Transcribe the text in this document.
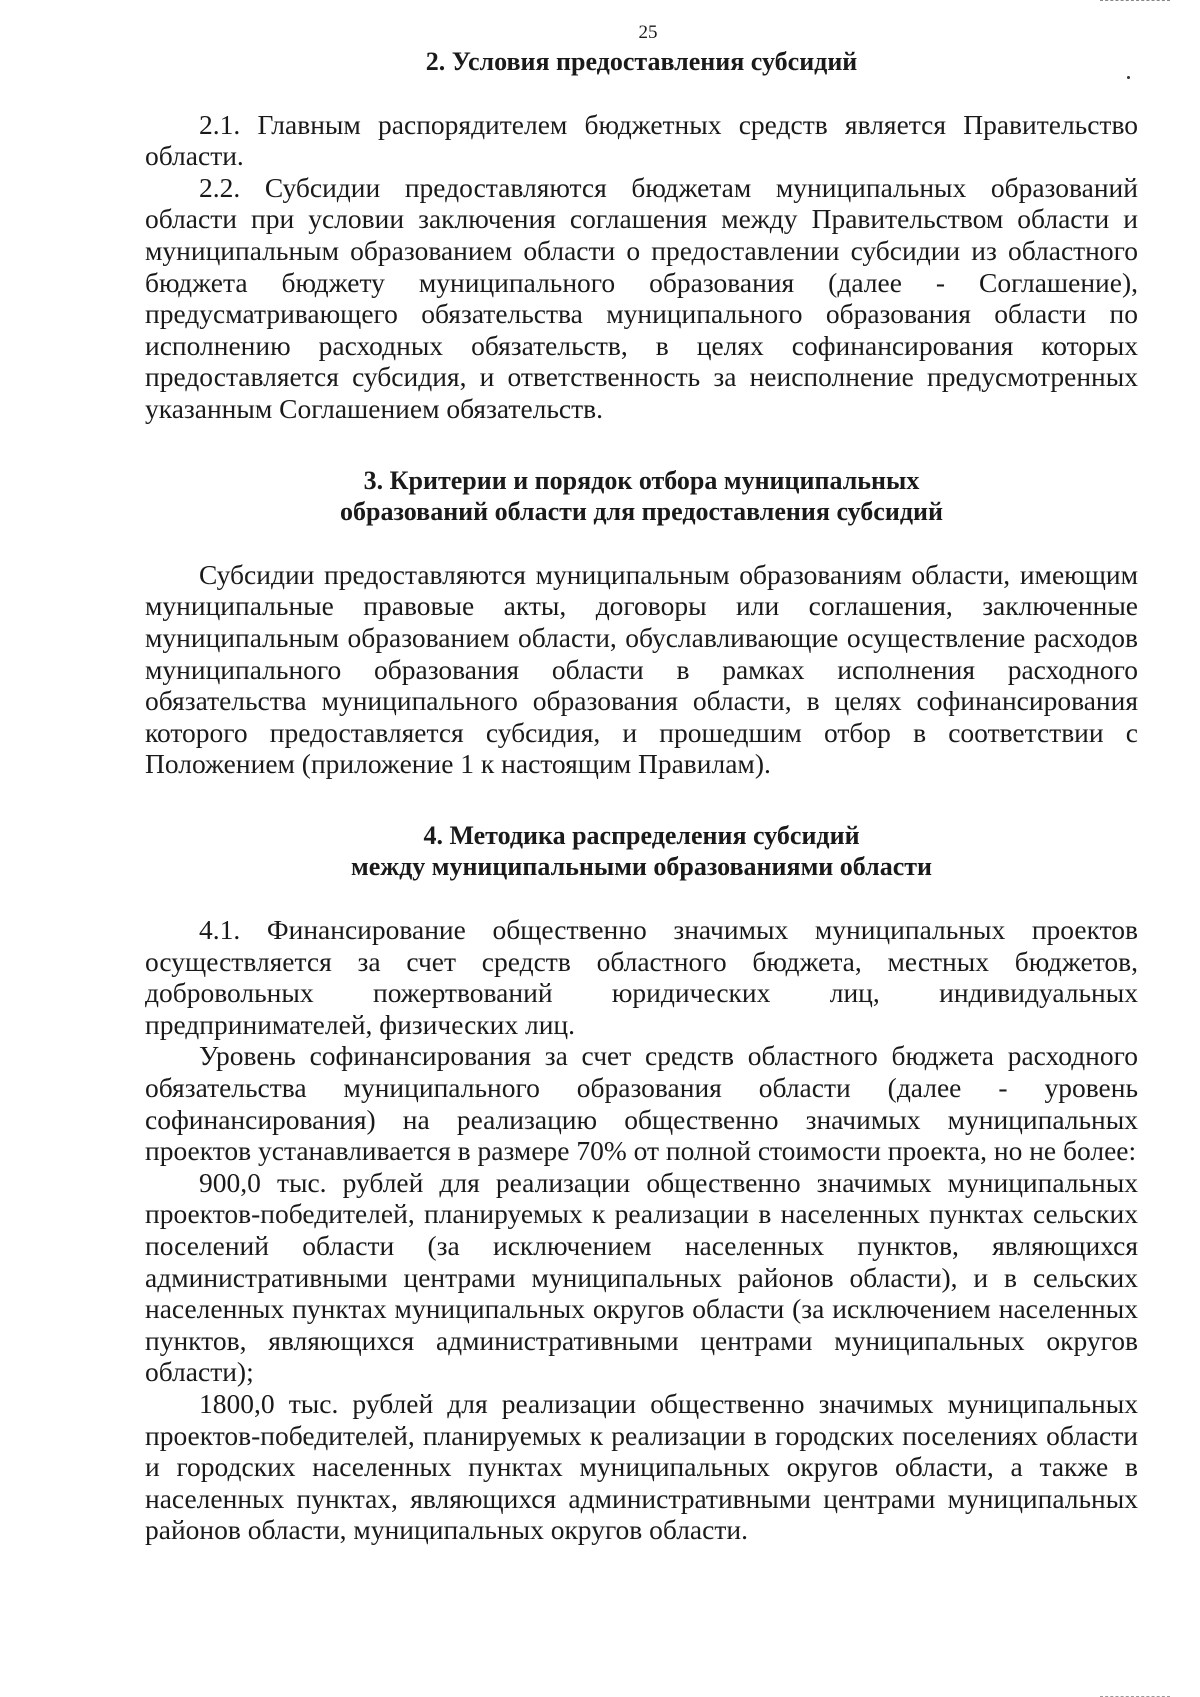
25
2. Условия предоставления субсидий

2.1. Главным распорядителем бюджетных средств является Правительство области.

2.2. Субсидии предоставляются бюджетам муниципальных образований области при условии заключения соглашения между Правительством области и муниципальным образованием области о предоставлении субсидии из областного бюджета бюджету муниципального образования (далее - Соглашение), предусматривающего обязательства муниципального образования области по исполнению расходных обязательств, в целях софинансирования которых предоставляется субсидия, и ответственность за неисполнение предусмотренных указанным Соглашением обязательств.

3. Критерии и порядок отбора муниципальных
образований области для предоставления субсидий

Субсидии предоставляются муниципальным образованиям области, имеющим муниципальные правовые акты, договоры или соглашения, заключенные муниципальным образованием области, обуславливающие осуществление расходов муниципального образования области в рамках исполнения расходного обязательства муниципального образования области, в целях софинансирования которого предоставляется субсидия, и прошедшим отбор в соответствии с Положением (приложение 1 к настоящим Правилам).

4. Методика распределения субсидий
между муниципальными образованиями области

4.1. Финансирование общественно значимых муниципальных проектов осуществляется за счет средств областного бюджета, местных бюджетов, добровольных пожертвований юридических лиц, индивидуальных предпринимателей, физических лиц.

Уровень софинансирования за счет средств областного бюджета расходного обязательства муниципального образования области (далее - уровень софинансирования) на реализацию общественно значимых муниципальных проектов устанавливается в размере 70% от полной стоимости проекта, но не более:

900,0 тыс. рублей для реализации общественно значимых муниципальных проектов-победителей, планируемых к реализации в населенных пунктах сельских поселений области (за исключением населенных пунктов, являющихся административными центрами муниципальных районов области), и в сельских населенных пунктах муниципальных округов области (за исключением населенных пунктов, являющихся административными центрами муниципальных округов области);

1800,0 тыс. рублей для реализации общественно значимых муниципальных проектов-победителей, планируемых к реализации в городских поселениях области и городских населенных пунктах муниципальных округов области, а также в населенных пунктах, являющихся административными центрами муниципальных районов области, муниципальных округов области.
